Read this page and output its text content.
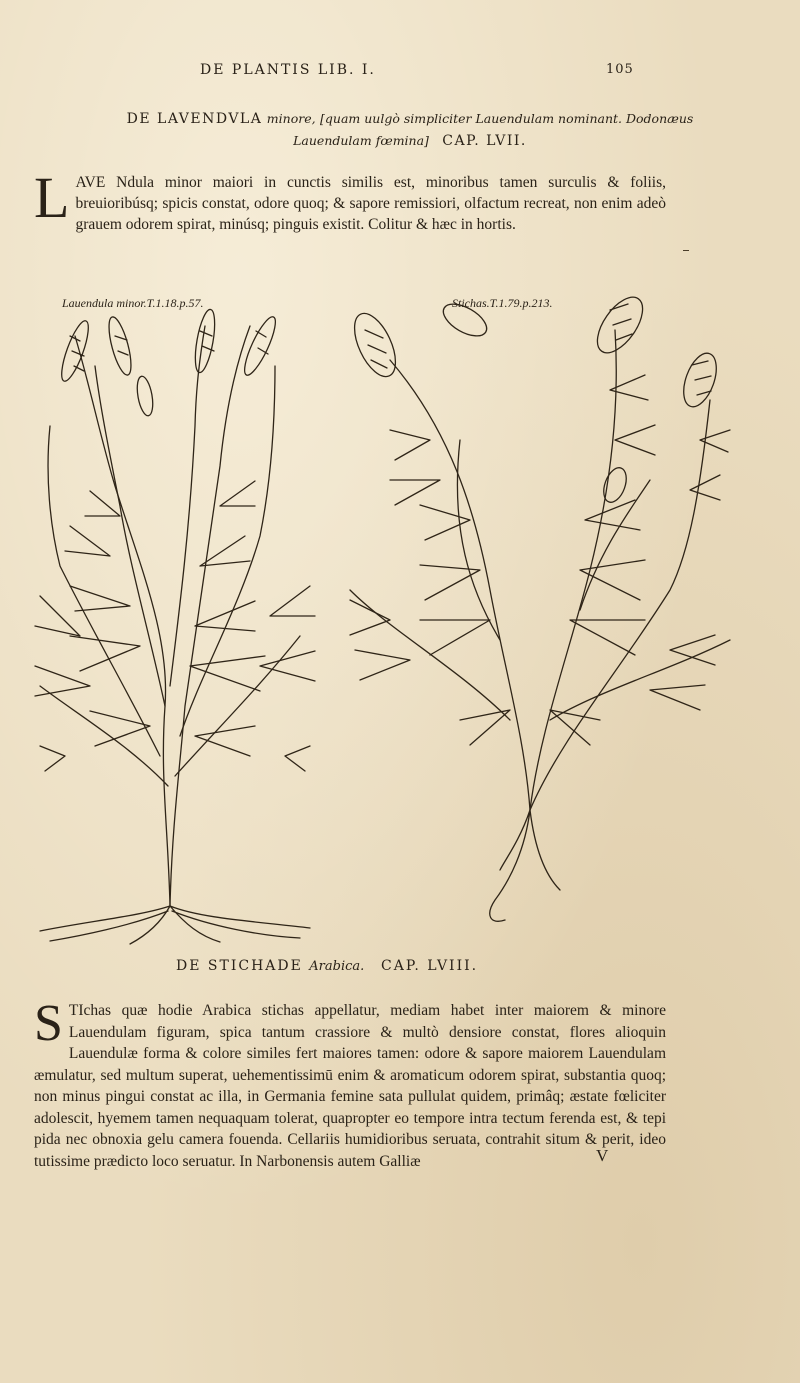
DE PLANTIS LIB. I.	105
DE LAVENDVLA minore, [quam uulgò simpliciter Lauendulam nominant. Dodonæus Lauendulam fœmina] CAP. LVII.
LAVE Ndula minor maiori in cunctis similis est, minoribus tamen surculis & foliis, breuioribúsq; spicis constat, odore quoq; & sapore remissiori, olfactum recreat, non enim adeò grauem odorem spirat, minúsq; pinguis existit. Colitur & hæc in hortis.
Lauendula minor.T.1.18.p.57.	Stichas.T.1.79.p.213.
DE STICHADE Arabica. CAP. LVIII.
S TIchas quæ hodie Arabica stichas appellatur, mediam habet inter maiorem & minore Lauendulam figuram, spica tantum crassiore & multò densiore constat, flores alioquin Lauendulæ forma & colore similes fert maiores tamen: odore & sapore maiorem Lauendulam æmulatur, sed multum superat, uehementissimū enim & aromaticum odorem spirat, substantia quoq; non minus pingui constat ac illa, in Germania femine sata pullulat quidem, primâq; æstate fœliciter adolescit, hyemem tamen nequaquam tolerat, quapropter eo tempore intra tectum ferenda est, & tepi pida nec obnoxia gelu camera fouenda. Cellariis humidioribus seruata, contrahit situm & perit, ideo tutissime prædicto loco seruatur. In Narbonensis autem Galliæ	V
